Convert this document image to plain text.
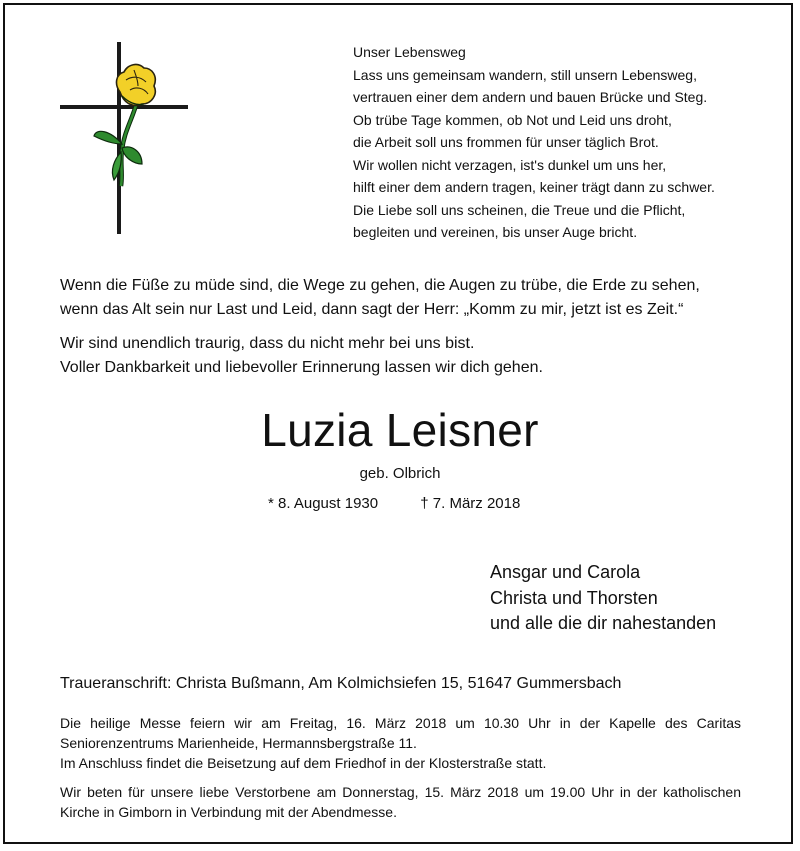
Unser Lebensweg
Lass uns gemeinsam wandern, still unsern Lebensweg,
vertrauen einer dem andern und bauen Brücke und Steg.
Ob trübe Tage kommen, ob Not und Leid uns droht,
die Arbeit soll uns frommen für unser täglich Brot.
Wir wollen nicht verzagen, ist's dunkel um uns her,
hilft einer dem andern tragen, keiner trägt dann zu schwer.
Die Liebe soll uns scheinen, die Treue und die Pflicht,
begleiten und vereinen, bis unser Auge bricht.
Wenn die Füße zu müde sind, die Wege zu gehen, die Augen zu trübe, die Erde zu sehen,
wenn das Alt sein nur Last und Leid, dann sagt der Herr: „Komm zu mir, jetzt ist es Zeit.“
Wir sind unendlich traurig, dass du nicht mehr bei uns bist.
Voller Dankbarkeit und liebevoller Erinnerung lassen wir dich gehen.
Luzia Leisner
geb. Olbrich
* 8. August 1930	† 7. März 2018
Ansgar und Carola
Christa und Thorsten
und alle die dir nahestanden
Traueranschrift: Christa Bußmann, Am Kolmichsiefen 15, 51647 Gummersbach
Die heilige Messe feiern wir am Freitag, 16. März 2018 um 10.30 Uhr in der Kapelle des Caritas
Seniorenzentrums Marienheide, Hermannsbergstraße 11.
Im Anschluss findet die Beisetzung auf dem Friedhof in der Klosterstraße statt.
Wir beten für unsere liebe Verstorbene am Donnerstag, 15. März 2018 um 19.00 Uhr in der katholischen
Kirche in Gimborn in Verbindung mit der Abendmesse.
